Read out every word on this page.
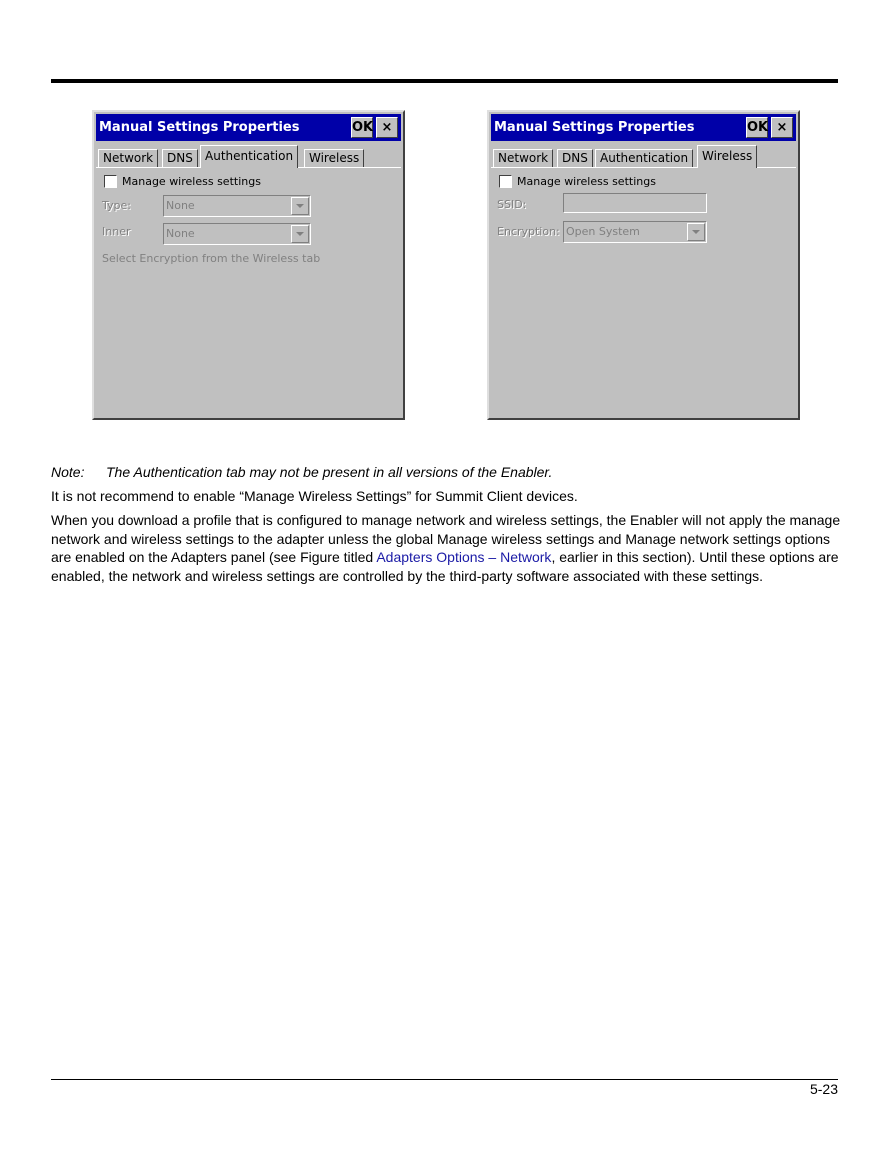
Manual Settings Properties	OK ×
Network	DNS	Authentication	Wireless
Manage wireless settings
Type:	None
Inner	None
Select Encryption from the Wireless tab
Manual Settings Properties	OK ×
Network	DNS	Authentication	Wireless
Manage wireless settings
SSID:
Encryption: Open System
Note: The Authentication tab may not be present in all versions of the Enabler.
It is not recommend to enable “Manage Wireless Settings” for Summit Client devices.
When you download a profile that is configured to manage network and wireless settings, the Enabler will not apply the manage network and wireless settings to the adapter unless the global Manage wireless settings and Manage network settings options are enabled on the Adapters panel (see Figure titled Adapters Options – Network, earlier in this section). Until these options are enabled, the network and wireless settings are controlled by the third-party software associated with these settings.
5-23
